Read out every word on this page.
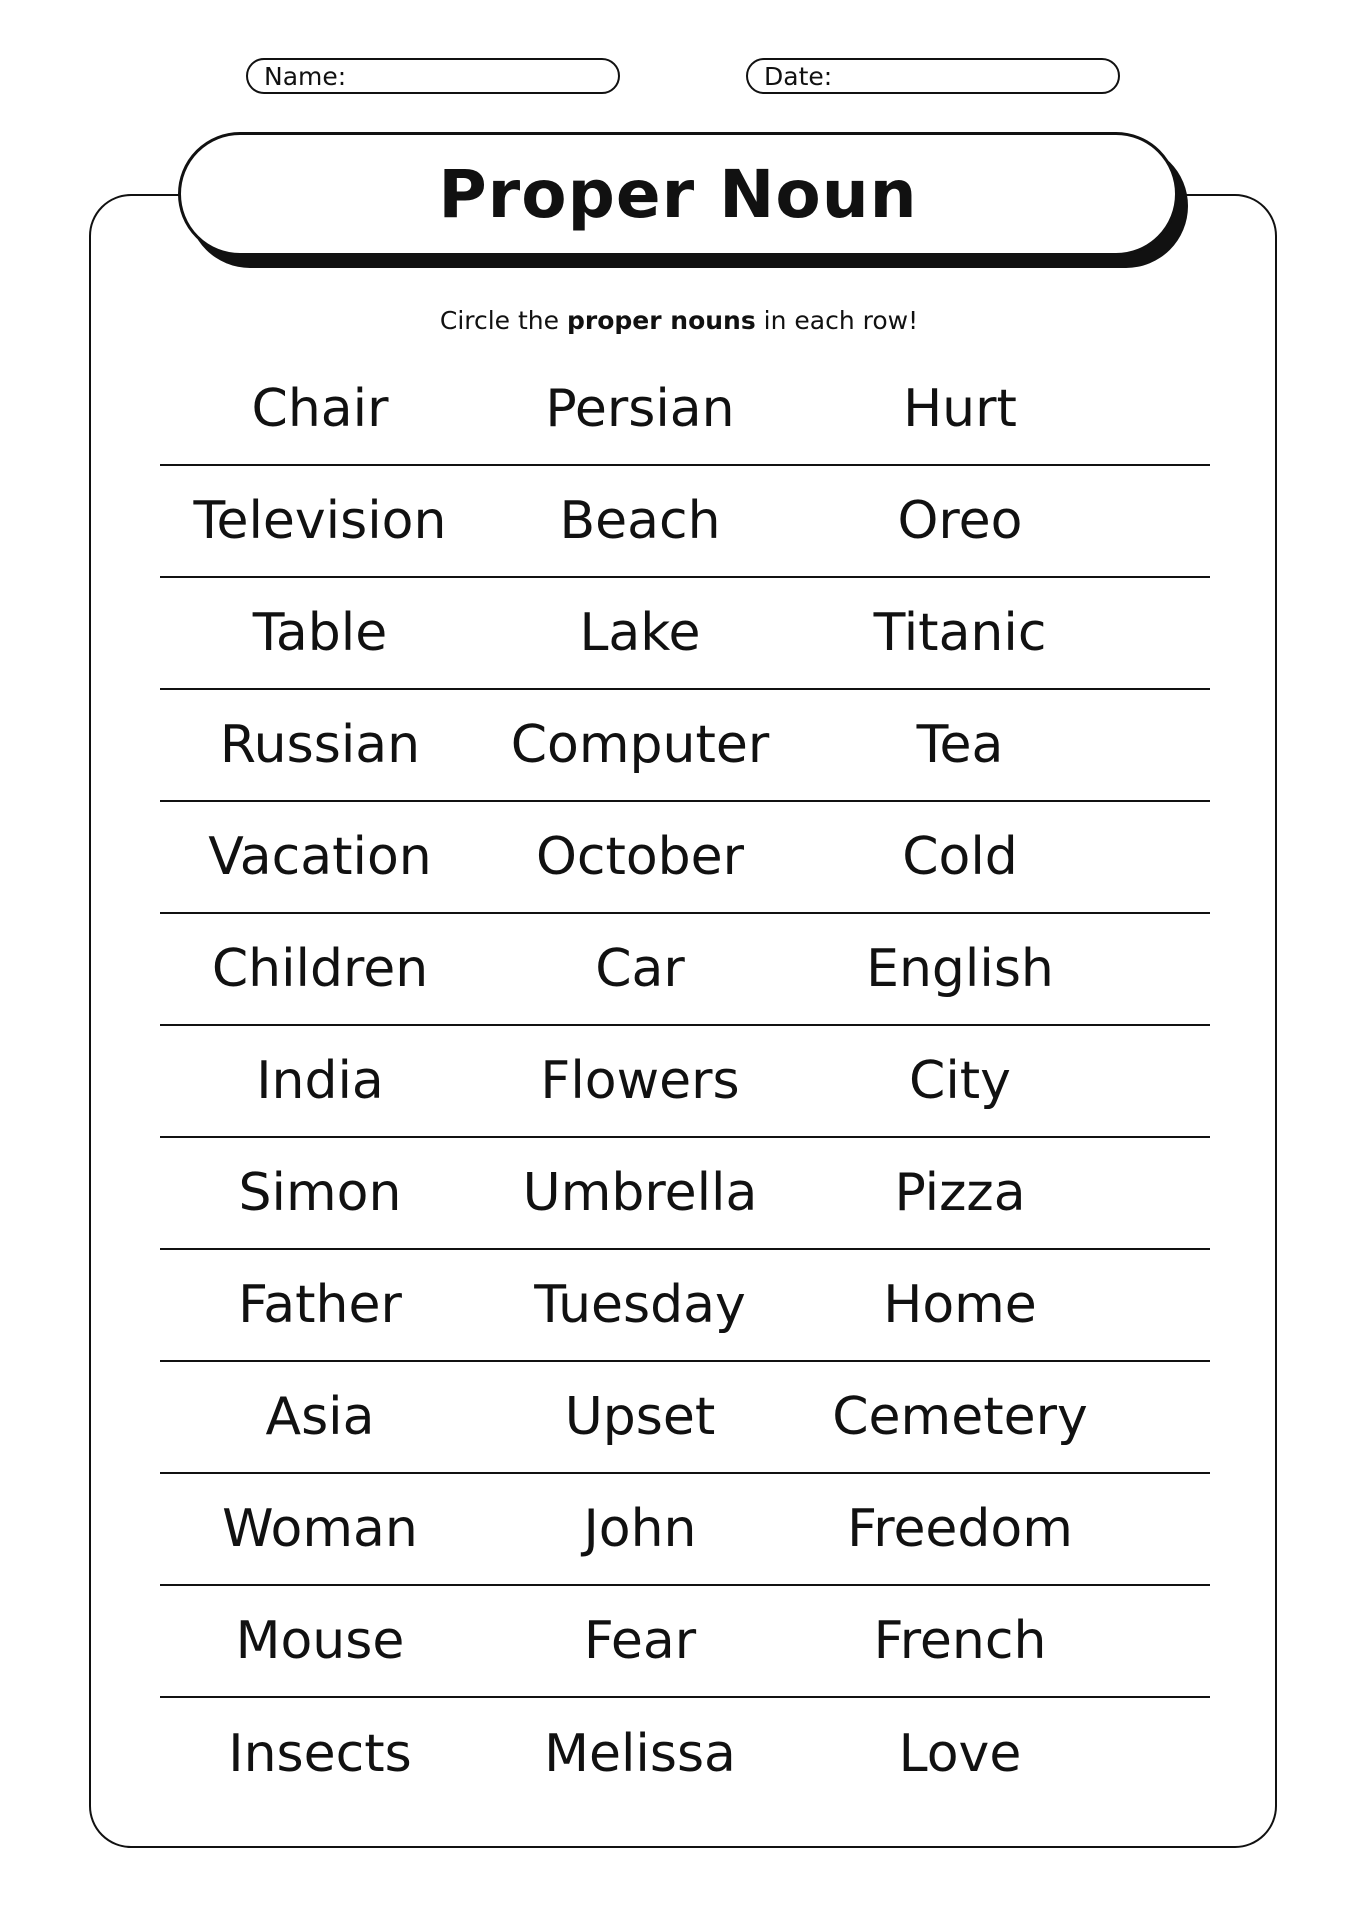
Name:	Date:
Proper Noun
Circle the proper nouns in each row!
Chair	Persian	Hurt
Television	Beach	Oreo
Table	Lake	Titanic
Russian	Computer	Tea
Vacation	October	Cold
Children	Car	English
India	Flowers	City
Simon	Umbrella	Pizza
Father	Tuesday	Home
Asia	Upset	Cemetery
Woman	John	Freedom
Mouse	Fear	French
Insects	Melissa	Love
